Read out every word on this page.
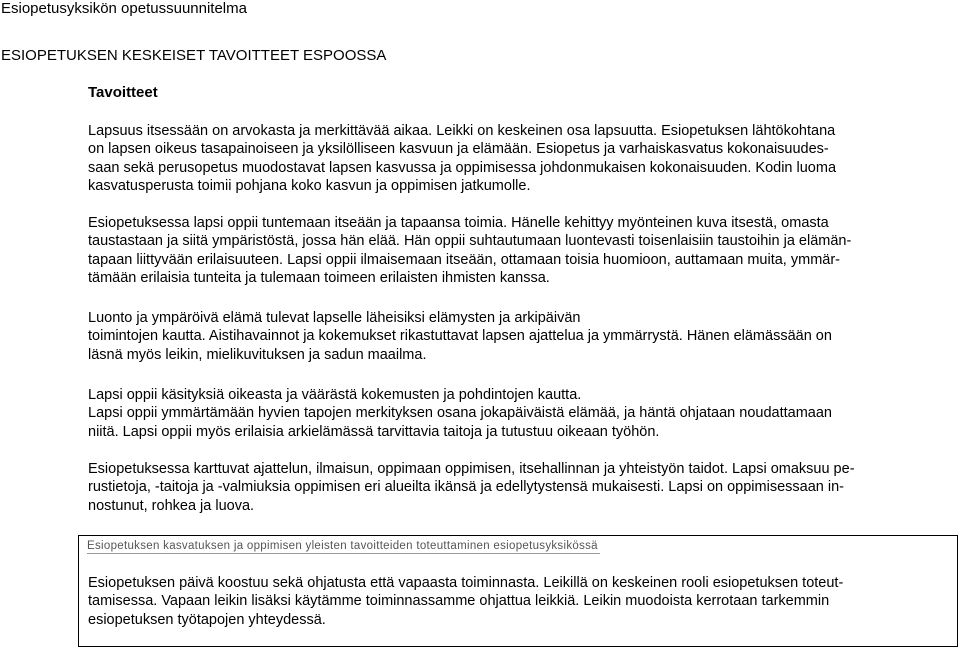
Esiopetusyksikön opetussuunnitelma
ESIOPETUKSEN KESKEISET TAVOITTEET ESPOOSSA
Tavoitteet

Lapsuus itsessään on arvokasta ja merkittävää aikaa. Leikki on keskeinen osa lapsuutta. Esiopetuksen lähtökohtana
on lapsen oikeus tasapainoiseen ja yksilölliseen kasvuun ja elämään. Esiopetus ja varhaiskasvatus kokonaisuudes-
saan sekä perusopetus muodostavat lapsen kasvussa ja oppimisessa johdonmukaisen kokonaisuuden. Kodin luoma
kasvatusperusta toimii pohjana koko kasvun ja oppimisen jatkumolle.

Esiopetuksessa lapsi oppii tuntemaan itseään ja tapaansa toimia. Hänelle kehittyy myönteinen kuva itsestä, omasta
taustastaan ja siitä ympäristöstä, jossa hän elää. Hän oppii suhtautumaan luontevasti toisenlaisiin taustoihin ja elämän-
tapaan liittyvään erilaisuuteen. Lapsi oppii ilmaisemaan itseään, ottamaan toisia huomioon, auttamaan muita, ymmär-
tämään erilaisia tunteita ja tulemaan toimeen erilaisten ihmisten kanssa.

Luonto ja ympäröivä elämä tulevat lapselle läheisiksi elämysten ja arkipäivän
toimintojen kautta. Aistihavainnot ja kokemukset rikastuttavat lapsen ajattelua ja ymmärrystä. Hänen elämässään on
läsnä myös leikin, mielikuvituksen ja sadun maailma.

Lapsi oppii käsityksiä oikeasta ja väärästä kokemusten ja pohdintojen kautta.
Lapsi oppii ymmärtämään hyvien tapojen merkityksen osana jokapäiväistä elämää, ja häntä ohjataan noudattamaan
niitä. Lapsi oppii myös erilaisia arkielämässä tarvittavia taitoja ja tutustuu oikeaan työhön.

Esiopetuksessa karttuvat ajattelun, ilmaisun, oppimaan oppimisen, itsehallinnan ja yhteistyön taidot. Lapsi omaksuu pe-
rustietoja, -taitoja ja -valmiuksia oppimisen eri alueilta ikänsä ja edellytystensä mukaisesti. Lapsi on oppimisessaan in-
nostunut, rohkea ja luova.

Esiopetuksen kasvatuksen ja oppimisen yleisten tavoitteiden toteuttaminen esiopetusyksikössä

Esiopetuksen päivä koostuu sekä ohjatusta että vapaasta toiminnasta. Leikillä on keskeinen rooli esiopetuksen toteut-
tamisessa. Vapaan leikin lisäksi käytämme toiminnassamme ohjattua leikkiä. Leikin muodoista kerrotaan tarkemmin
esiopetuksen työtapojen yhteydessä.
